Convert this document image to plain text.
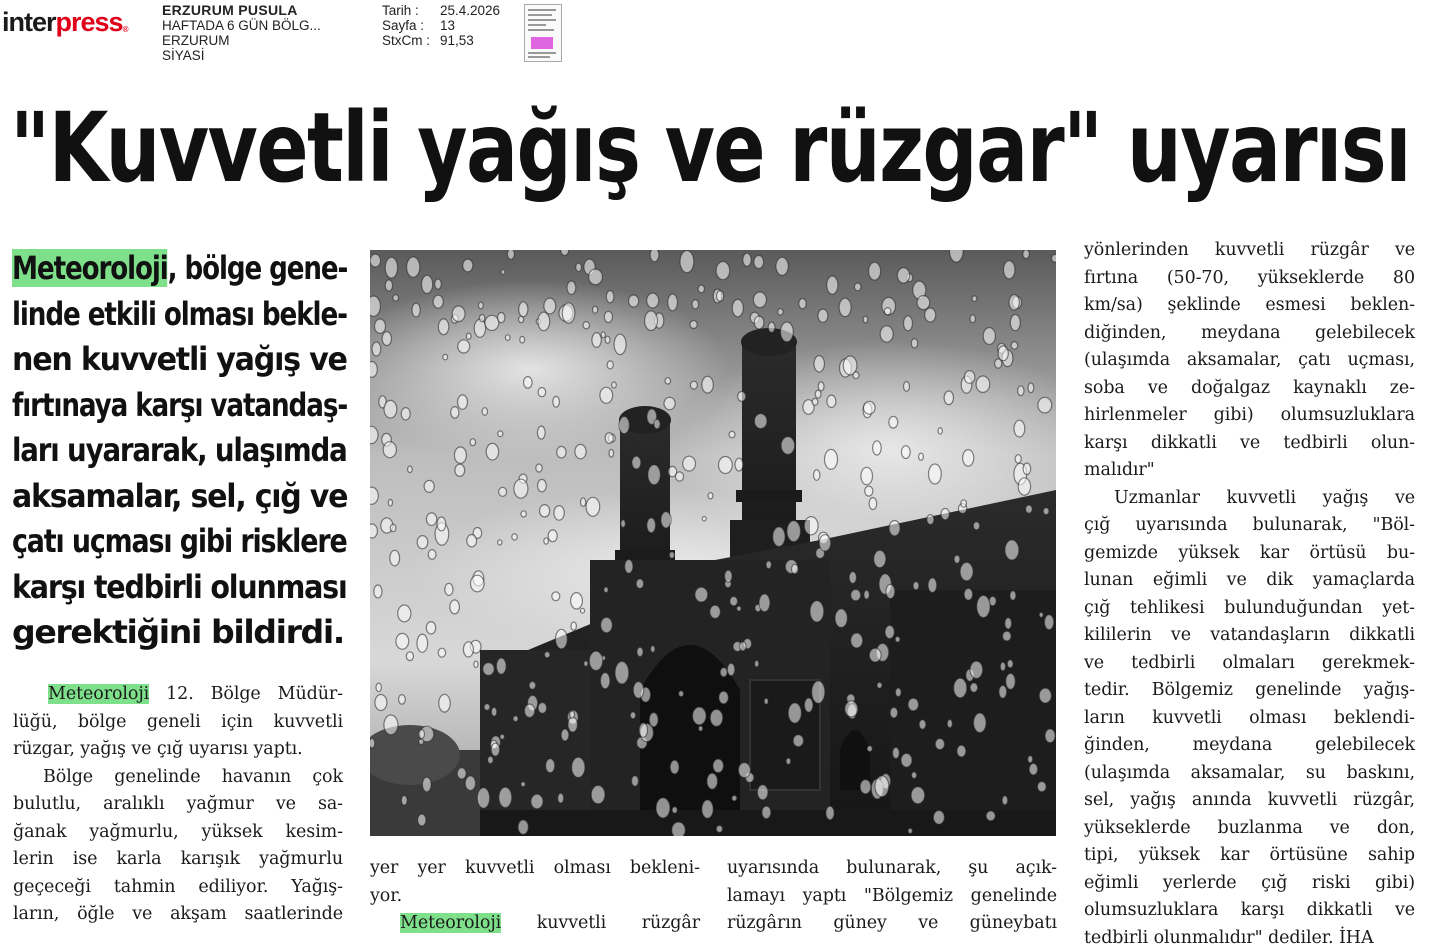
interpress®
ERZURUM PUSULA
HAFTADA 6 GÜN BÖLG...
ERZURUM
SİYASİ
Tarih :	25.4.2026
Sayfa :	13
StxCm : 91,53
"Kuvvetli yağış ve rüzgar" uyarısı
Meteoroloji, bölge gene-
linde etkili olması bekle-
nen kuvvetli yağış ve
fırtınaya karşı vatandaş-
ları uyararak, ulaşımda
aksamalar, sel, çığ ve
çatı uçması gibi risklere
karşı tedbirli olunması
gerektiğini bildirdi.
Meteoroloji 12. Bölge Müdür-
lüğü, bölge geneli için kuvvetli
rüzgar, yağış ve çığ uyarısı yaptı.
Bölge genelinde havanın çok
bulutlu, aralıklı yağmur ve sa-
ğanak yağmurlu, yüksek kesim-
lerin ise karla karışık yağmurlu
geçeceği tahmin ediliyor. Yağış-
ların, öğle ve akşam saatlerinde
yer yer kuvvetli olması bekleni-
yor.
Meteoroloji kuvvetli rüzgâr
uyarısında bulunarak, şu açık-
lamayı yaptı "Bölgemiz genelinde
rüzgârın güney ve güneybatı
yönlerinden kuvvetli rüzgâr ve
fırtına (50-70, yükseklerde 80
km/sa) şeklinde esmesi beklen-
diğinden, meydana gelebilecek
(ulaşımda aksamalar, çatı uçması,
soba ve doğalgaz kaynaklı ze-
hirlenmeler gibi) olumsuzluklara
karşı dikkatli ve tedbirli olun-
malıdır"
Uzmanlar kuvvetli yağış ve
çığ uyarısında bulunarak, "Böl-
gemizde yüksek kar örtüsü bu-
lunan eğimli ve dik yamaçlarda
çığ tehlikesi bulunduğundan yet-
kililerin ve vatandaşların dikkatli
ve tedbirli olmaları gerekmek-
tedir. Bölgemiz genelinde yağış-
ların kuvvetli olması beklendi-
ğinden, meydana gelebilecek
(ulaşımda aksamalar, su baskını,
sel, yağış anında kuvvetli rüzgâr,
yükseklerde buzlanma ve don,
tipi, yüksek kar örtüsüne sahip
eğimli yerlerde çığ riski gibi)
olumsuzluklara karşı dikkatli ve
tedbirli olunmalıdır" dediler. İHA
